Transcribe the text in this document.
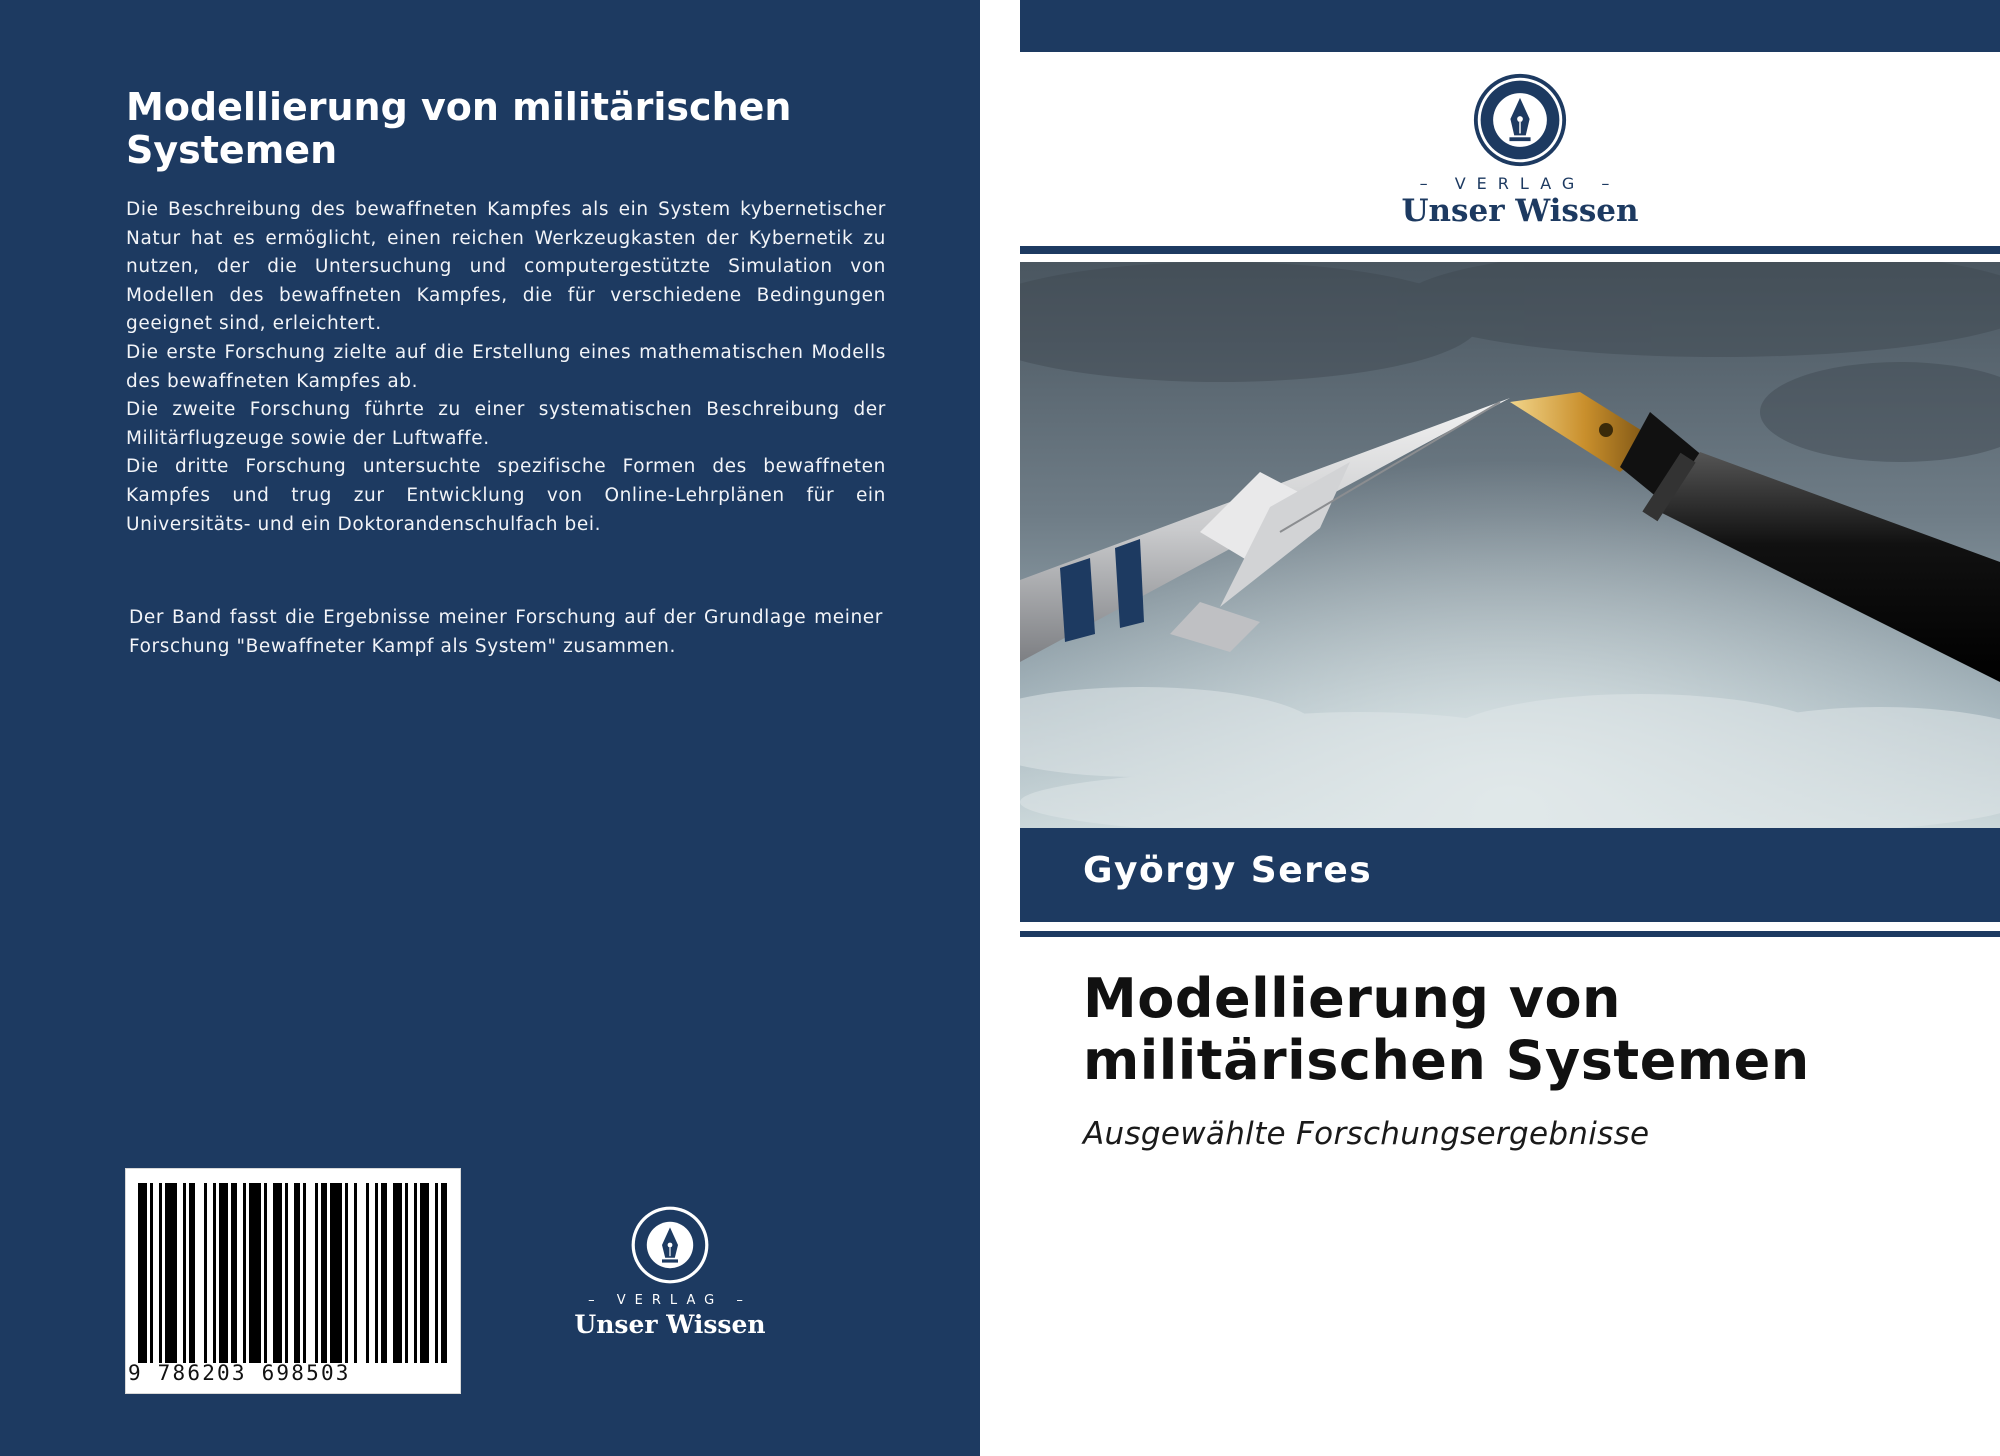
Modellierung von militärischen Systemen

Die Beschreibung des bewaffneten Kampfes als ein System kybernetischer Natur hat es ermöglicht, einen reichen Werkzeugkasten der Kybernetik zu nutzen, der die Untersuchung und computergestützte Simulation von Modellen des bewaffneten Kampfes, die für verschiedene Bedingungen geeignet sind, erleichtert.

Die erste Forschung zielte auf die Erstellung eines mathematischen Modells des bewaffneten Kampfes ab.

Die zweite Forschung führte zu einer systematischen Beschreibung der Militärflugzeuge sowie der Luftwaffe.

Die dritte Forschung untersuchte spezifische Formen des bewaffneten Kampfes und trug zur Entwicklung von Online-Lehrplänen für ein Universitäts- und ein Doktorandenschulfach bei.

Der Band fasst die Ergebnisse meiner Forschung auf der Grundlage meiner Forschung "Bewaffneter Kampf als System" zusammen.
9 786203 698503
– VERLAG –
Unser Wissen
– VERLAG –
Unser Wissen
György Seres
Modellierung von militärischen Systemen
Ausgewählte Forschungsergebnisse
